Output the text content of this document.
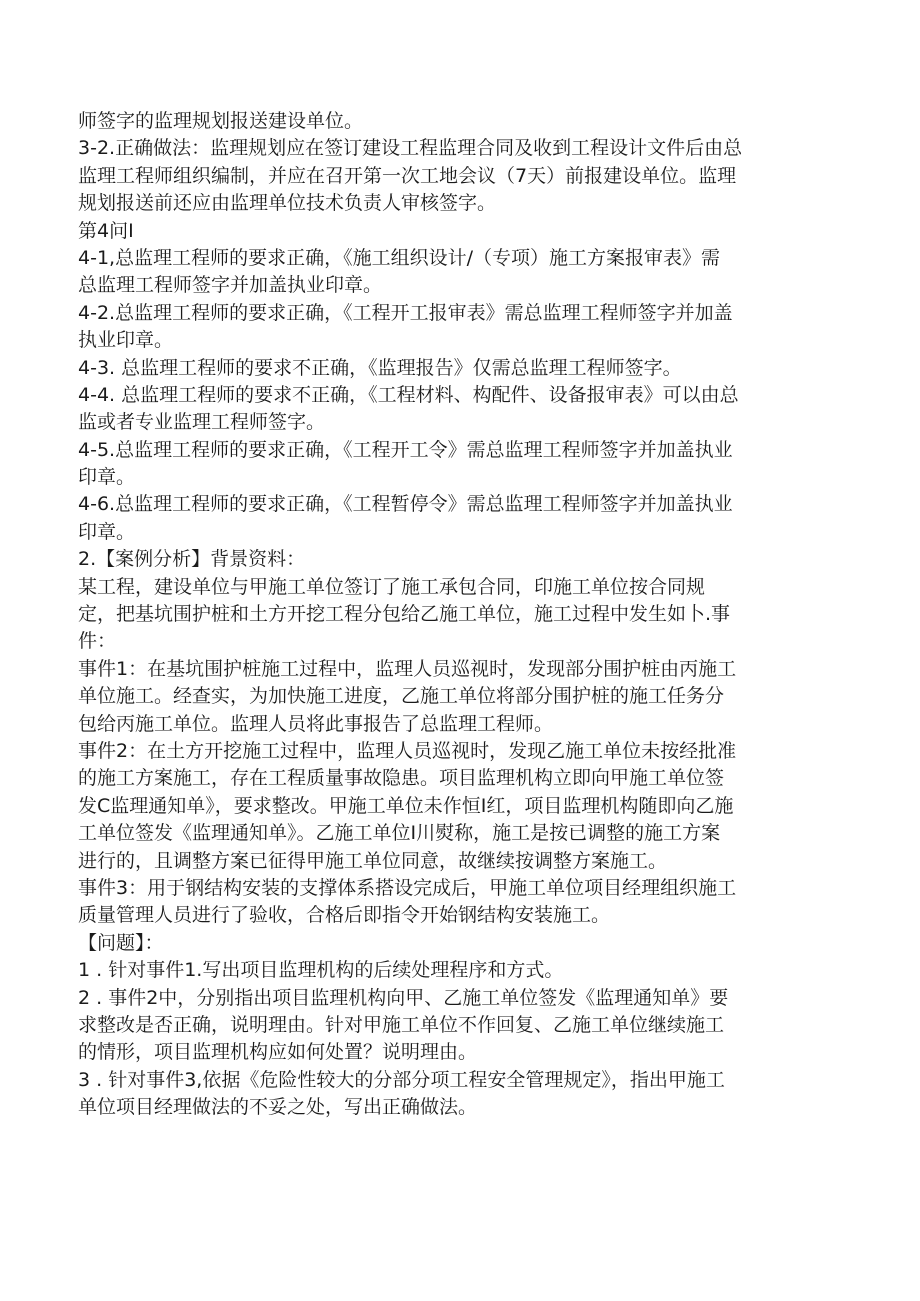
师签字的监理规划报送建设单位。
3-2.正确做法：监理规划应在签订建设工程监理合同及收到工程设计文件后由总
监理工程师组织编制，并应在召开第一次工地会议（7天）前报建设单位。监理
规划报送前还应由监理单位技术负责人审核签字。
第4问I
4-1,总监理工程师的要求正确，《施工组织设计/（专项）施工方案报审表》需
总监理工程师签字并加盖执业印章。
4-2.总监理工程师的要求正确，《工程开工报审表》需总监理工程师签字并加盖
执业印章。
4-3. 总监理工程师的要求不正确，《监理报告》仅需总监理工程师签字。
4-4. 总监理工程师的要求不正确，《工程材料、构配件、设备报审表》可以由总
监或者专业监理工程师签字。
4-5.总监理工程师的要求正确，《工程开工令》需总监理工程师签字并加盖执业
印章。
4-6.总监理工程师的要求正确，《工程暂停令》需总监理工程师签字并加盖执业
印章。
2.【案例分析】背景资料：
某工程，建设单位与甲施工单位签订了施工承包合同，印施工单位按合同规
定，把基坑围护桩和土方开挖工程分包给乙施工单位，施工过程中发生如卜.事
件：
事件1：在基坑围护桩施工过程中，监理人员巡视时，发现部分围护桩由丙施工
单位施工。经查实，为加快施工进度，乙施工单位将部分围护桩的施工任务分
包给丙施工单位。监理人员将此事报告了总监理工程师。
事件2：在土方开挖施工过程中，监理人员巡视时，发现乙施工单位未按经批准
的施工方案施工，存在工程质量事故隐患。项目监理机构立即向甲施工单位签
发C监理通知单》，要求整改。甲施工单位未作恒I红，项目监理机构随即向乙施
工单位签发《监理通知单》。乙施工单位I川熨称，施工是按已调整的施工方案
进行的，且调整方案已征得甲施工单位同意，故继续按调整方案施工。
事件3：用于钢结构安装的支撑体系搭设完成后，甲施工单位项目经理组织施工
质量管理人员进行了验收，合格后即指令开始钢结构安装施工。
【问题】：
1 . 针对事件1.写出项目监理机构的后续处理程序和方式。
2 . 事件2中，分别指出项目监理机构向甲、乙施工单位签发《监理通知单》要
求整改是否正确，说明理由。针对甲施工单位不作回复、乙施工单位继续施工
的情形，项目监理机构应如何处置？说明理由。
3 . 针对事件3,依据《危险性较大的分部分项工程安全管理规定》，指出甲施工
单位项目经理做法的不妥之处，写出正确做法。
